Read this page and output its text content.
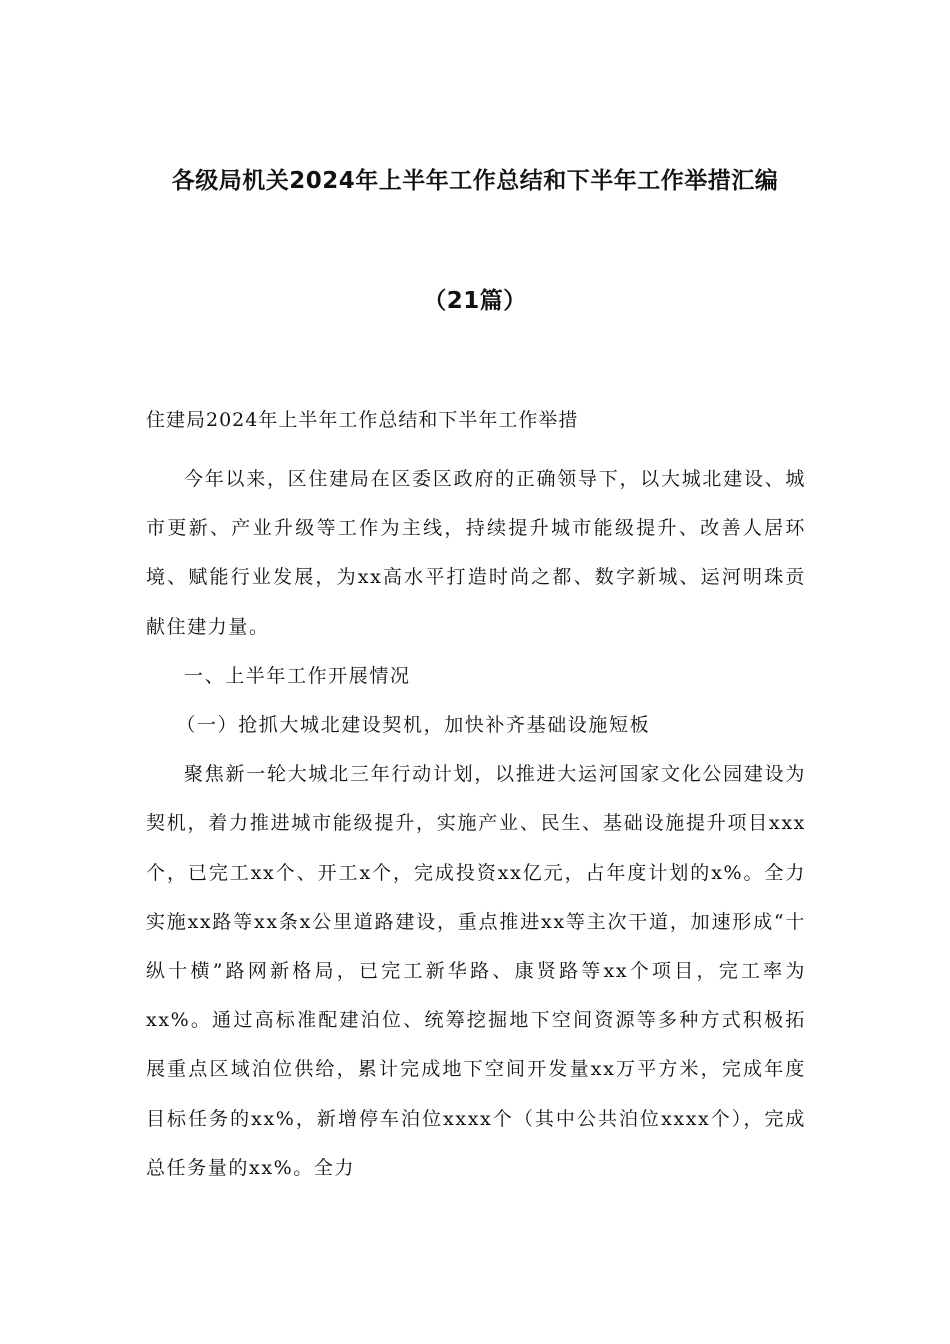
各级局机关2024年上半年工作总结和下半年工作举措汇编
（21篇）
住建局2024年上半年工作总结和下半年工作举措

今年以来，区住建局在区委区政府的正确领导下，以大城北建设、城市更新、产业升级等工作为主线，持续提升城市能级提升、改善人居环境、赋能行业发展，为xx高水平打造时尚之都、数字新城、运河明珠贡献住建力量。

一、上半年工作开展情况

（一）抢抓大城北建设契机，加快补齐基础设施短板

聚焦新一轮大城北三年行动计划，以推进大运河国家文化公园建设为契机，着力推进城市能级提升，实施产业、民生、基础设施提升项目xxx个，已完工xx个、开工x个，完成投资xx亿元，占年度计划的x%。全力实施xx路等xx条x公里道路建设，重点推进xx等主次干道，加速形成“十纵十横”路网新格局，已完工新华路、康贤路等xx个项目，完工率为xx%。通过高标准配建泊位、统筹挖掘地下空间资源等多种方式积极拓展重点区域泊位供给，累计完成地下空间开发量xx万平方米，完成年度目标任务的xx%，新增停车泊位xxxx个（其中公共泊位xxxx个），完成总任务量的xx%。全力
